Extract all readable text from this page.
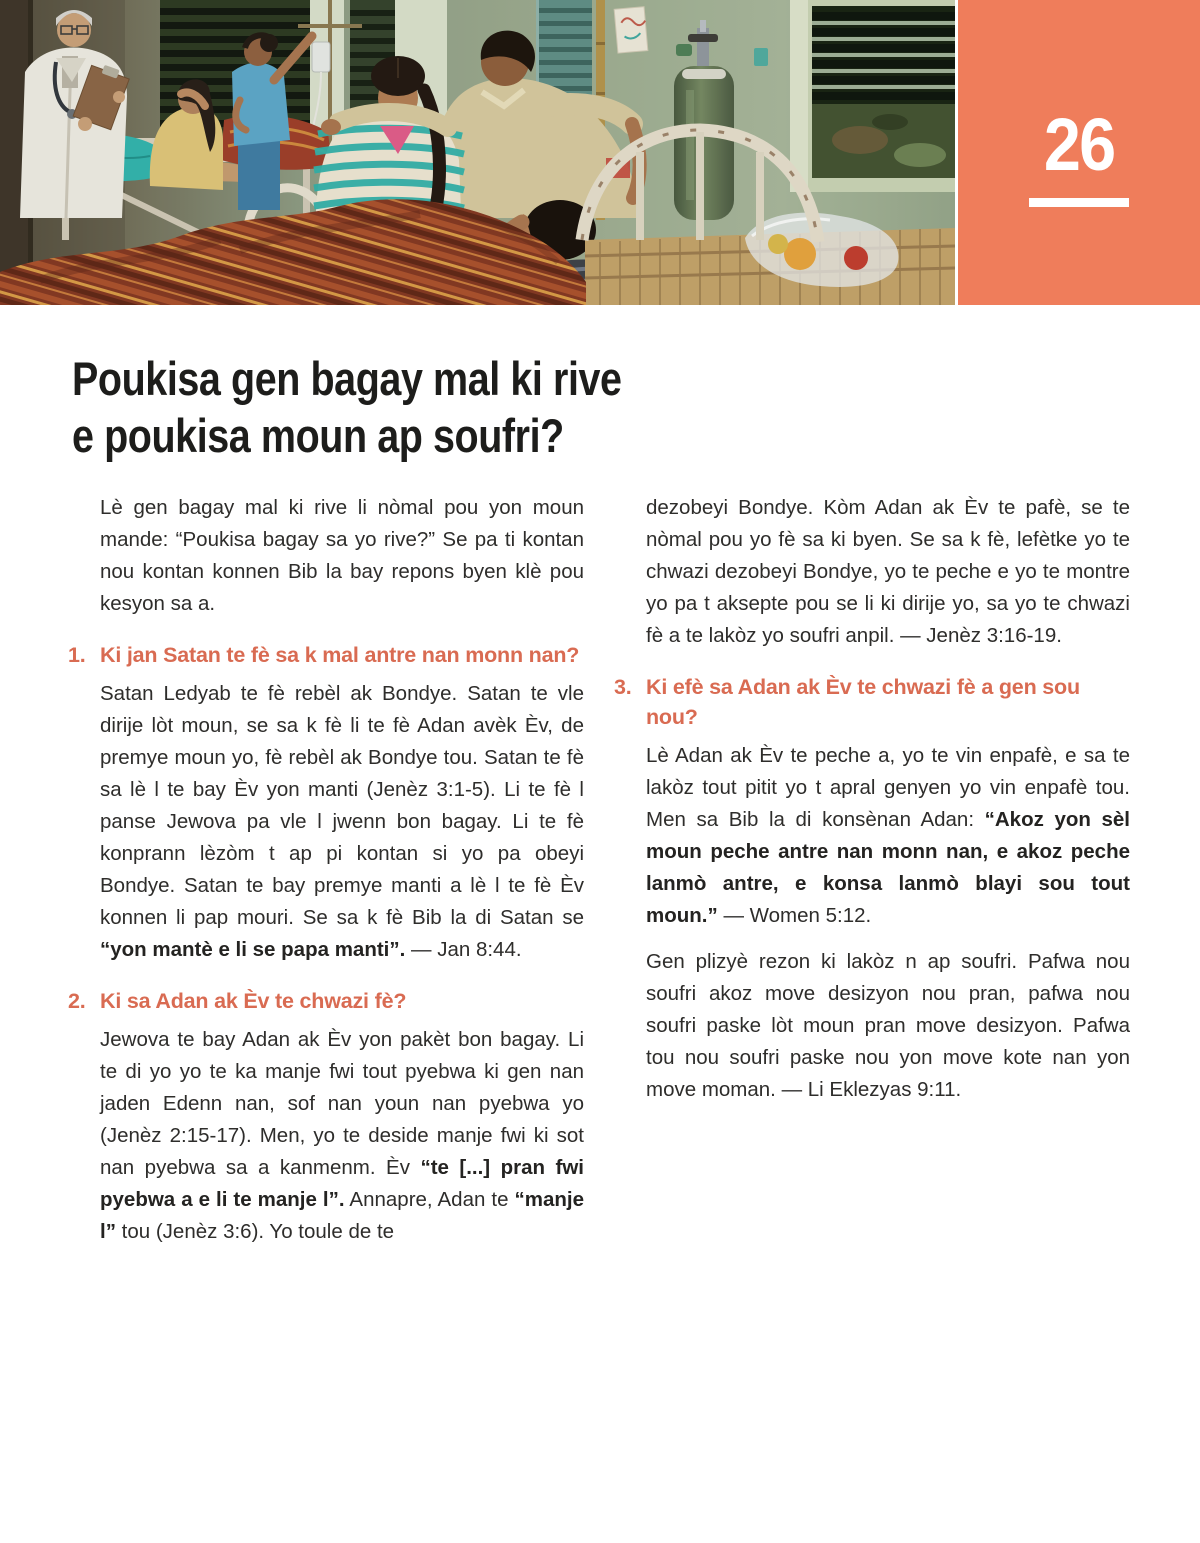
26
Poukisa gen bagay mal ki rive
e poukisa moun ap soufri?

Lè gen bagay mal ki rive li nòmal pou yon moun mande: “Poukisa bagay sa yo rive?” Se pa ti kontan nou kontan konnen Bib la bay repons byen klè pou kesyon sa a.

1. Ki jan Satan te fè sa k mal antre nan monn nan?

Satan Ledyab te fè rebèl ak Bondye. Satan te vle dirije lòt moun, se sa k fè li te fè Adan avèk Èv, de premye moun yo, fè rebèl ak Bondye tou. Satan te fè sa lè l te bay Èv yon manti (Jenèz 3:1-5). Li te fè l panse Jewova pa vle l jwenn bon bagay. Li te fè konprann lèzòm t ap pi kontan si yo pa obeyi Bondye. Satan te bay premye manti a lè l te fè Èv konnen li pap mouri. Se sa k fè Bib la di Satan se “yon mantè e li se papa manti”. — Jan 8:44.

2. Ki sa Adan ak Èv te chwazi fè?

Jewova te bay Adan ak Èv yon pakèt bon bagay. Li te di yo yo te ka manje fwi tout pyebwa ki gen nan jaden Edenn nan, sof nan youn nan pyebwa yo (Jenèz 2:15-17). Men, yo te deside manje fwi ki sot nan pyebwa sa a kanmenm. Èv “te [...] pran fwi pyebwa a e li te manje l”. Annapre, Adan te “manje l” tou (Jenèz 3:6). Yo toule de te

dezobeyi Bondye. Kòm Adan ak Èv te pafè, se te nòmal pou yo fè sa ki byen. Se sa k fè, lefètke yo te chwazi dezobeyi Bondye, yo te peche e yo te montre yo pa t aksepte pou se li ki dirije yo, sa yo te chwazi fè a te lakòz yo soufri anpil. — Jenèz 3:16-19.

3. Ki efè sa Adan ak Èv te chwazi fè a gen sou nou?

Lè Adan ak Èv te peche a, yo te vin enpafè, e sa te lakòz tout pitit yo t apral genyen yo vin enpafè tou. Men sa Bib la di konsènan Adan: “Akoz yon sèl moun peche antre nan monn nan, e akoz peche lanmò antre, e konsa lanmò blayi sou tout moun.” — Women 5:12.

Gen plizyè rezon ki lakòz n ap soufri. Pafwa nou soufri akoz move desizyon nou pran, pafwa nou soufri paske lòt moun pran move desizyon. Pafwa tou nou soufri paske nou yon move kote nan yon move moman. — Li Eklezyas 9:11.
